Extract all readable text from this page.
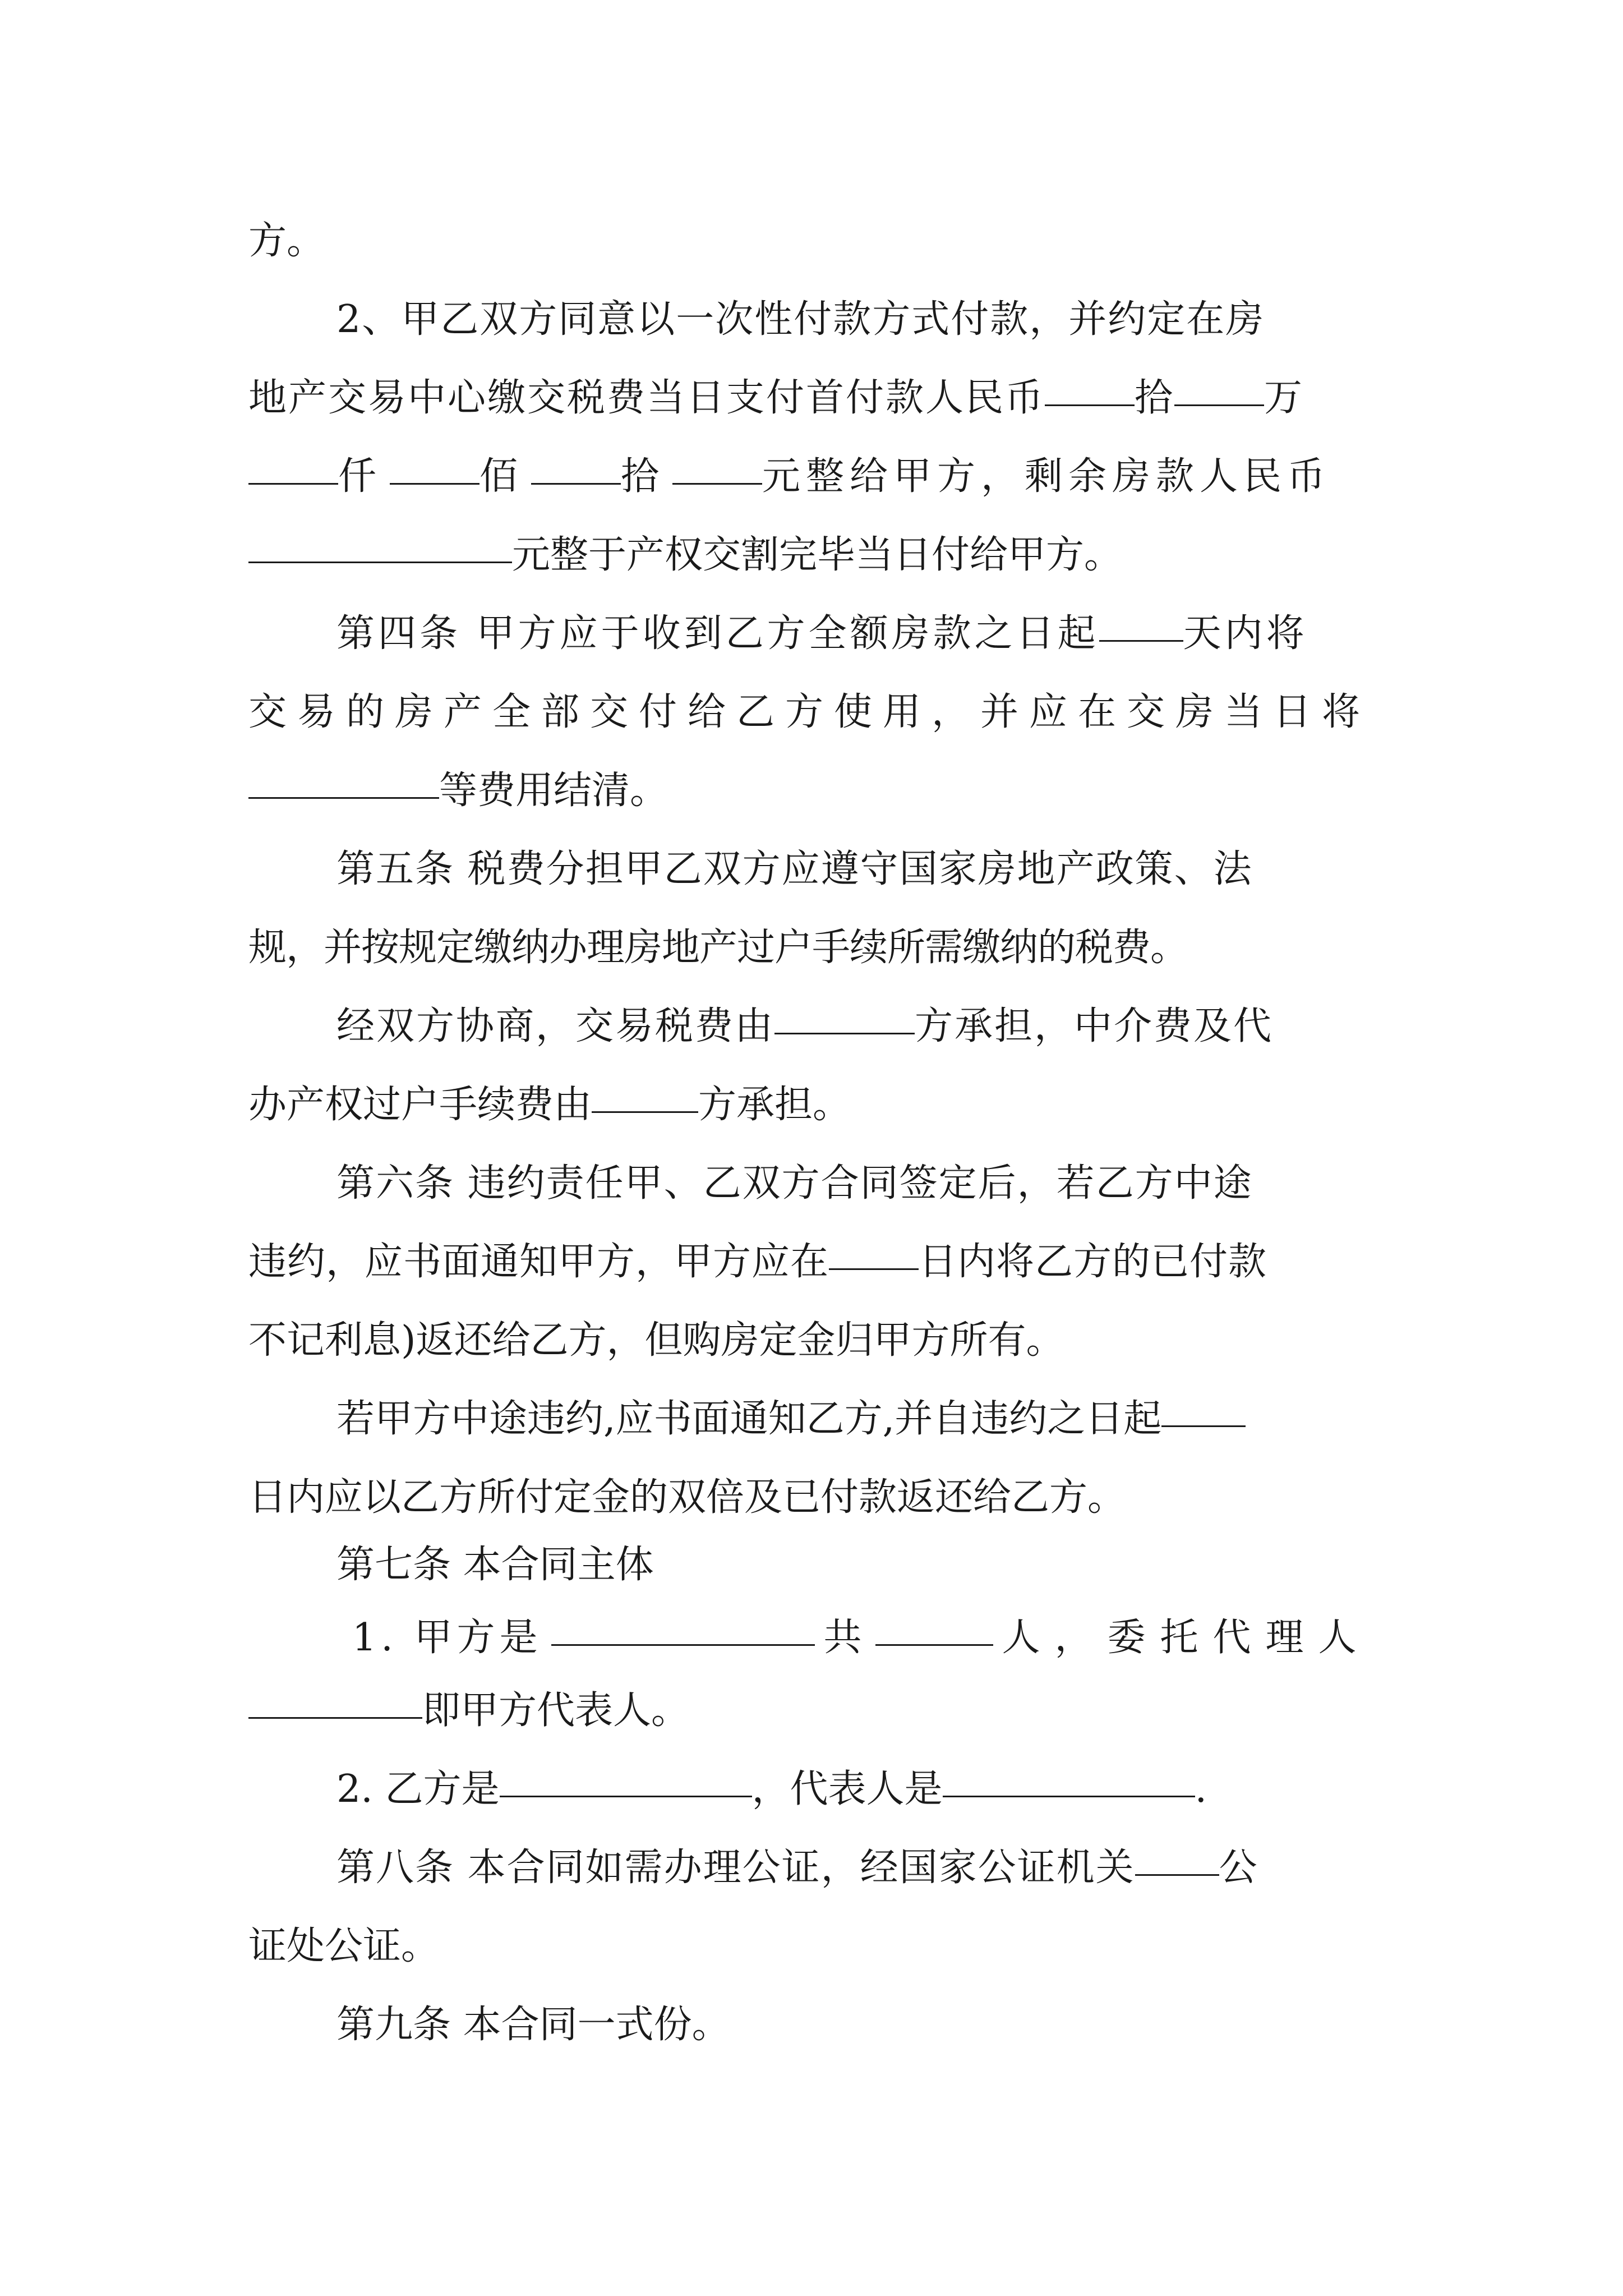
方。
2、甲乙双方同意以一次性付款方式付款，并约定在房
地产交易中心缴交税费当日支付首付款人民币 拾 万
仟	佰	拾	元整给甲方，剩余房款人民币
元整于产权交割完毕当日付给甲方。
第四条 甲方应于收到乙方全额房款之日起 天内将
交易的房产全部交付给乙方使用，并应在交房当日将
等费用结清。
第五条 税费分担甲乙双方应遵守国家房地产政策、法
规，并按规定缴纳办理房地产过户手续所需缴纳的税费。
经双方协商，交易税费由	方承担，中介费及代
办产权过户手续费由	方承担。
第六条 违约责任甲、乙双方合同签定后，若乙方中途
违约，应书面通知甲方，甲方应在 日内将乙方的已付款
不记利息)返还给乙方，但购房定金归甲方所有。
若甲方中途违约,应书面通知乙方,并自违约之日起
日内应以乙方所付定金的双倍及已付款返还给乙方。
第七条 本合同主体
1. 甲方是	共	人，委托代理人
即甲方代表人。
2. 乙方是	，代表人是	.
第八条 本合同如需办理公证，经国家公证机关 公
证处公证。
第九条 本合同一式份。
